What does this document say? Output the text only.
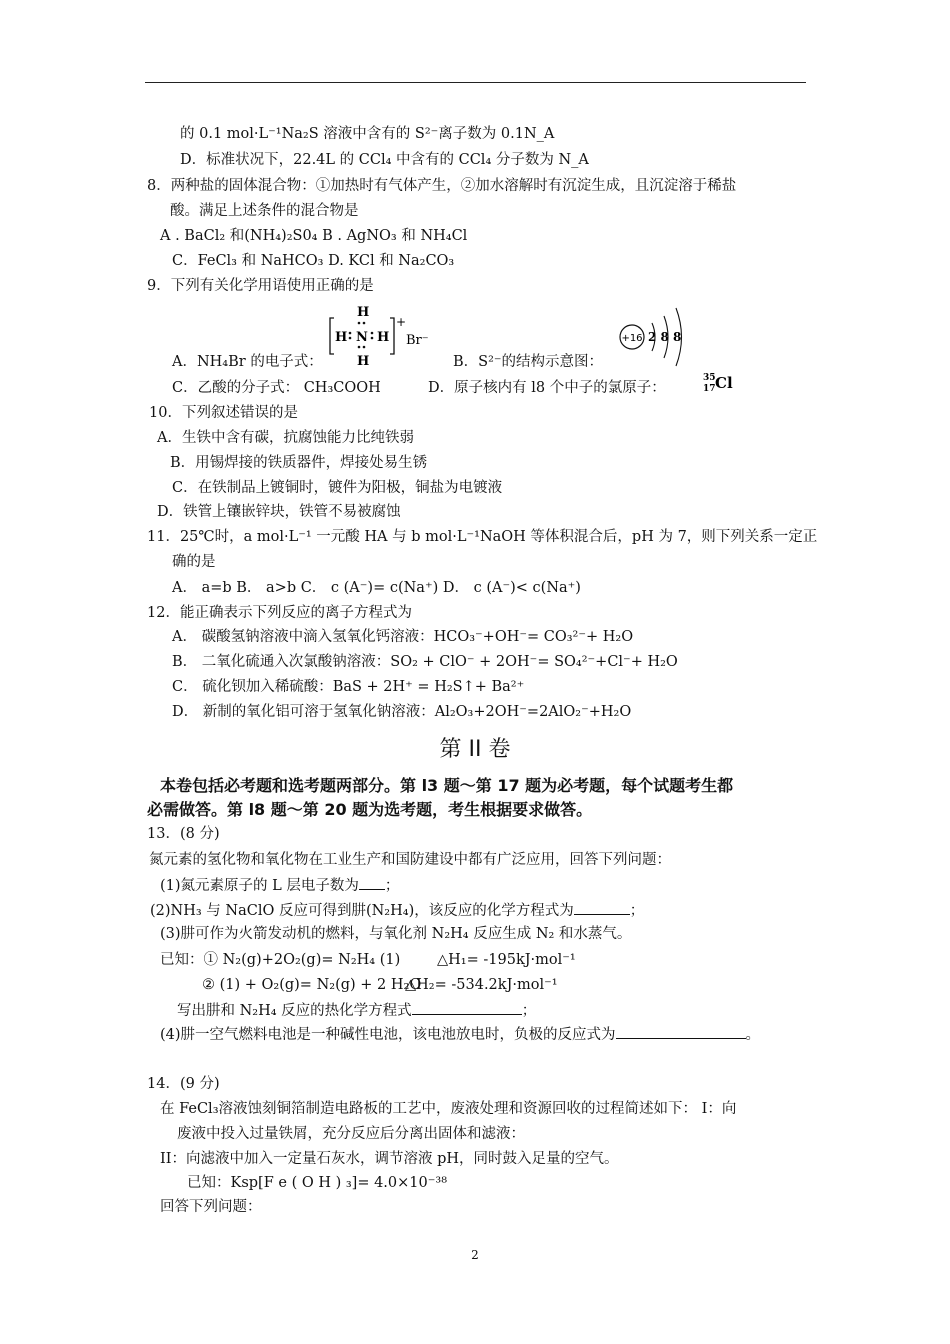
的 0.1 mol·L⁻¹Na₂S 溶液中含有的 S²⁻离子数为 0.1N_A
D．标准状况下，22.4L 的 CCl₄ 中含有的 CCl₄ 分子数为 N_A
8．两种盐的固体混合物：①加热时有气体产生，②加水溶解时有沉淀生成，且沉淀溶于稀盐
酸。满足上述条件的混合物是
A . BaCl₂ 和(NH₄)₂S0₄ B . AgNO₃ 和 NH₄Cl
C．FeCl₃ 和 NaHCO₃ D. KCl 和 Na₂CO₃
9．下列有关化学用语使用正确的是
H
H N H
H
+
Br⁻	+16 2 8 8
A．NH₄Br 的电子式：	B．S²⁻的结构示意图：
C．乙酸的分子式： CH₃COOH	D．原子核内有 l8 个中子的氯原子：
35
17 Cl
10．下列叙述错误的是
A．生铁中含有碳，抗腐蚀能力比纯铁弱
B．用锡焊接的铁质器件，焊接处易生锈
C．在铁制品上镀铜时，镀件为阳极，铜盐为电镀液
D．铁管上镶嵌锌块，铁管不易被腐蚀
11．25℃时，a mol·L⁻¹ 一元酸 HA 与 b mol·L⁻¹NaOH 等体积混合后，pH 为 7，则下列关系一定正
确的是
A． a=b B． a>b C． c (A⁻)= c(Na⁺) D． c (A⁻)< c(Na⁺)
12．能正确表示下列反应的离子方程式为
A． 碳酸氢钠溶液中滴入氢氧化钙溶液：HCO₃⁻+OH⁻= CO₃²⁻+ H₂O
B． 二氧化硫通入次氯酸钠溶液：SO₂ + ClO⁻ + 2OH⁻= SO₄²⁻+Cl⁻+ H₂O
C． 硫化钡加入稀硫酸：BaS + 2H⁺ = H₂S↑+ Ba²⁺
D． 新制的氧化铝可溶于氢氧化钠溶液：Al₂O₃+2OH⁻=2AlO₂⁻+H₂O
第 II 卷
本卷包括必考题和选考题两部分。第 l3 题～第 17 题为必考题，每个试题考生都
必需做答。第 l8 题～第 20 题为选考题，考生根据要求做答。
13．(8 分)
氮元素的氢化物和氧化物在工业生产和国防建设中都有广泛应用，回答下列问题：
(1)氮元素原子的 L 层电子数为 ；
(2)NH₃ 与 NaClO 反应可得到肼(N₂H₄)，该反应的化学方程式为	；
(3)肼可作为火箭发动机的燃料，与氧化剂 N₂H₄ 反应生成 N₂ 和水蒸气。
已知：① N₂(g)+2O₂(g)= N₂H₄ (1)	△H₁= -195kJ·mol⁻¹
② (1) + O₂(g)= N₂(g) + 2 H₂O
△H₂= -534.2kJ·mol⁻¹
写出肼和 N₂H₄ 反应的热化学方程式	；
(4)肼一空气燃料电池是一种碱性电池，该电池放电时，负极的反应式为	。
14．(9 分)
在 FeCl₃溶液蚀刻铜箔制造电路板的工艺中，废液处理和资源回收的过程简述如下： I：向
废液中投入过量铁屑，充分反应后分离出固体和滤液：
II：向滤液中加入一定量石灰水，调节溶液 pH，同时鼓入足量的空气。
已知：Ksp[F e ( O H ) ₃]= 4.0×10⁻³⁸
回答下列问题：
2
